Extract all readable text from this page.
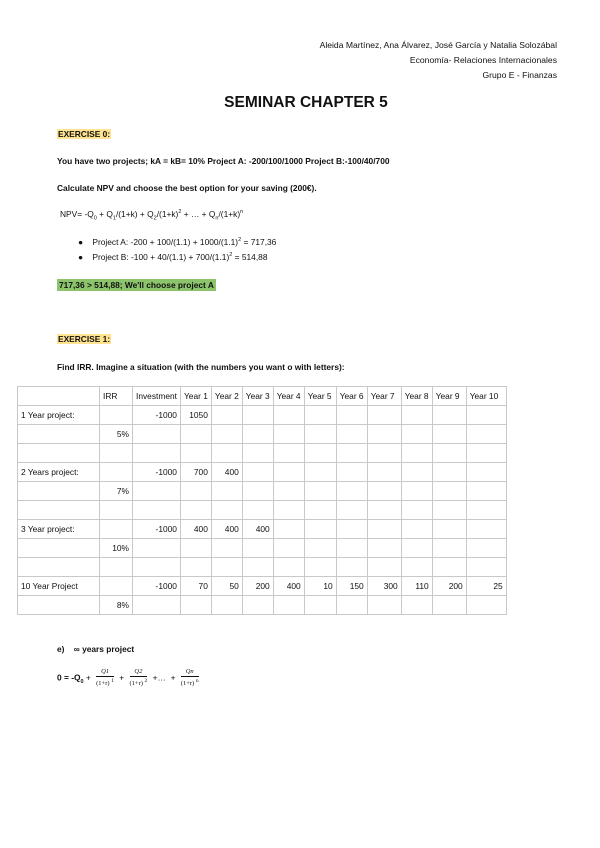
Aleida Martínez, Ana Álvarez, José García y Natalia Solozábal
Economía- Relaciones Internacionales
Grupo E - Finanzas
SEMINAR CHAPTER 5
EXERCISE 0:
You have two projects; kA = kB= 10% Project A: -200/100/1000 Project B:-100/40/700
Calculate NPV and choose the best option for your saving (200€).
$NPV= -Q_0 + Q_1/(1+k) + Q_2/(1+k)^2$ + … + $Q_n/(1+k)^n$
● Project A: $-200 + 100/(1.1) + 1000/(1.1)^2 = 717,36$
● Project B: $-100 + 40/(1.1) + 700/(1.1)^2 = 514,88$
717,36 > 514,88; We'll choose project A
EXERCISE 1:
Find IRR. Imagine a situation (with the numbers you want o with letters):
	IRR	Investment	Year 1	Year 2	Year 3	Year 4	Year 5	Year 6	Year 7	Year 8	Year 9	Year 10
1 Year project:		-1000	1050									
	5%											

2 Years project:		-1000	700	400								
	7%											

3 Year project:		-1000	400	400	400							
	10%											

10 Year Project		-1000	70	50	200	400	10	150	300	110	200	25
	8%											
e) ∞ years project
$0 = -Q_0 + \frac{Q1}{(1+r) ^1} + \frac{Q2}{(1+r) ^2}$ +… + $\frac{Qn}{(1+r) ^n}$
